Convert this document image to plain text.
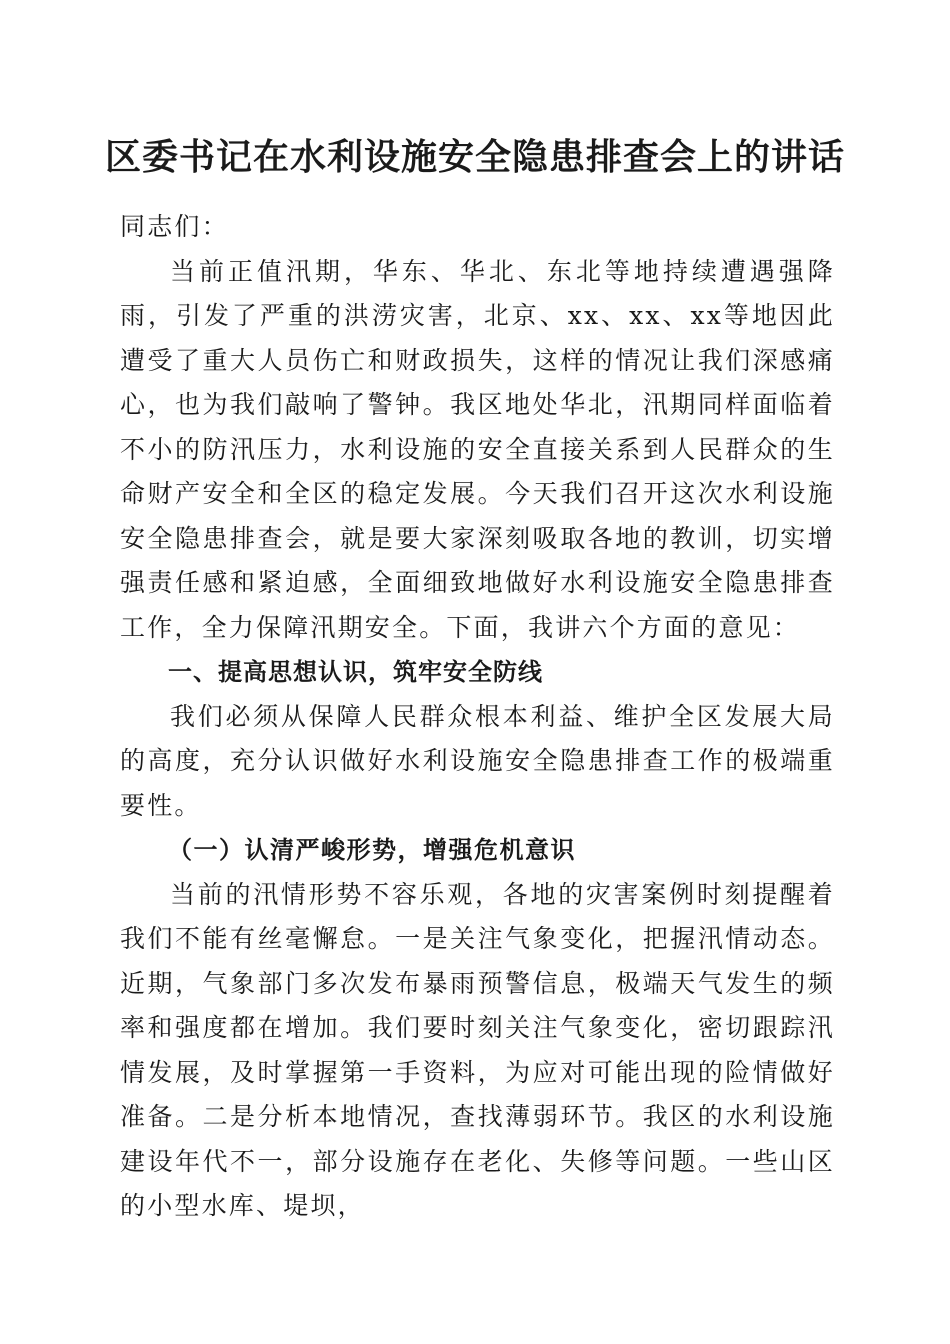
区委书记在水利设施安全隐患排查会上的讲话

同志们：

当前正值汛期，华东、华北、东北等地持续遭遇强降雨，引发了严重的洪涝灾害，北京、xx、xx、xx等地因此遭受了重大人员伤亡和财政损失，这样的情况让我们深感痛心，也为我们敲响了警钟。我区地处华北，汛期同样面临着不小的防汛压力，水利设施的安全直接关系到人民群众的生命财产安全和全区的稳定发展。今天我们召开这次水利设施安全隐患排查会，就是要大家深刻吸取各地的教训，切实增强责任感和紧迫感，全面细致地做好水利设施安全隐患排查工作，全力保障汛期安全。下面，我讲六个方面的意见：

一、提高思想认识，筑牢安全防线

我们必须从保障人民群众根本利益、维护全区发展大局的高度，充分认识做好水利设施安全隐患排查工作的极端重要性。

（一）认清严峻形势，增强危机意识

当前的汛情形势不容乐观，各地的灾害案例时刻提醒着我们不能有丝毫懈怠。一是关注气象变化，把握汛情动态。近期，气象部门多次发布暴雨预警信息，极端天气发生的频率和强度都在增加。我们要时刻关注气象变化，密切跟踪汛情发展，及时掌握第一手资料，为应对可能出现的险情做好准备。二是分析本地情况，查找薄弱环节。我区的水利设施建设年代不一，部分设施存在老化、失修等问题。一些山区的小型水库、堤坝，
